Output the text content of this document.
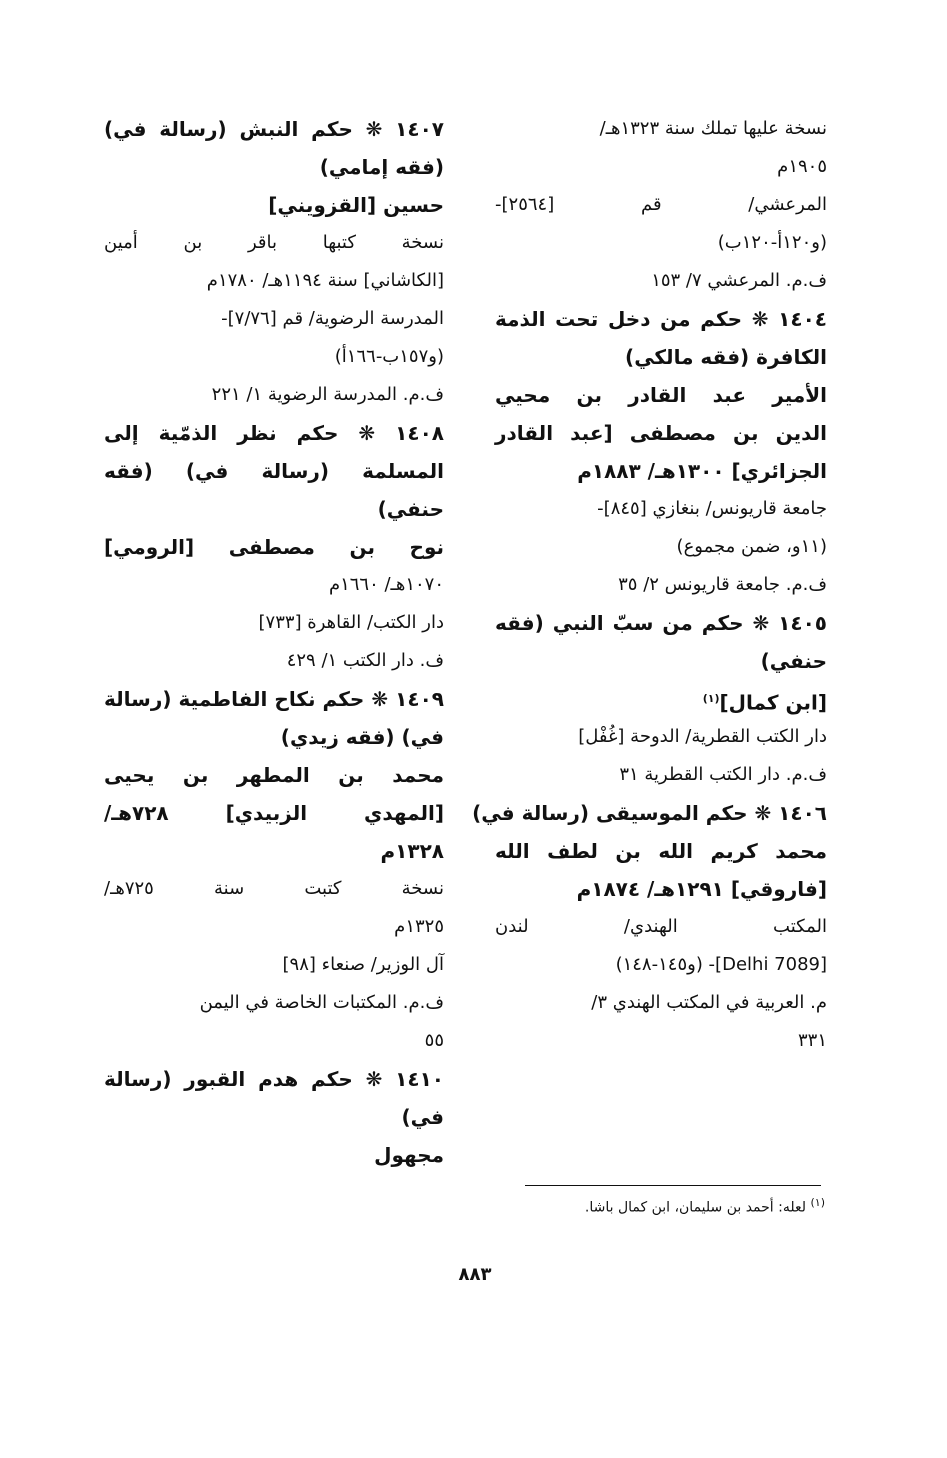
نسخة عليها تملك سنة ١٣٢٣هـ/
١٩٠٥م
المرعشي/ قم [٢٥٦٤]-
(و١٢٠أ-١٢٠ب)
ف.م. المرعشي ٧/ ١٥٣
١٤٠٤ ❋ حكم من دخل تحت الذمة
الكافرة (فقه مالكي)
الأمير عبد القادر بن محيي
الدين بن مصطفى [عبد القادر
الجزائري] ١٣٠٠هـ/ ١٨٨٣م
جامعة قاريونس/ بنغازي [٨٤٥]-
(١١و، ضمن مجموع)
ف.م. جامعة قاريونس ٢/ ٣٥
١٤٠٥ ❋ حكم من سبّ النبي (فقه
حنفي)
[ابن كمال]$^{(١)}$
دار الكتب القطرية/ الدوحة [غُفْل]
ف.م. دار الكتب القطرية ٣١
١٤٠٦ ❋ حكم الموسيقى (رسالة في)
محمد كريم الله بن لطف الله
[فاروقي] ١٢٩١هـ/ ١٨٧٤م
المكتب الهندي/ لندن
[Delhi 7089]- (و١٤٥-١٤٨)
م. العربية في المكتب الهندي ٣/
٣٣١
١٤٠٧ ❋ حكم النبش (رسالة في)
(فقه إمامي)
حسين [القزويني]
نسخة كتبها باقر بن أمين
[الكاشاني] سنة ١١٩٤هـ/ ١٧٨٠م
المدرسة الرضوية/ قم [٧/٧٦]-
(و١٥٧ب-١٦٦أ)
ف.م. المدرسة الرضوية ١/ ٢٢١
١٤٠٨ ❋ حكم نظر الذمّية إلى
المسلمة (رسالة في) (فقه
حنفي)
نوح بن مصطفى [الرومي]
١٠٧٠هـ/ ١٦٦٠م
دار الكتب/ القاهرة [٧٣٣]
ف. دار الكتب ١/ ٤٢٩
١٤٠٩ ❋ حكم نكاح الفاطمية (رسالة
في) (فقه زيدي)
محمد بن المطهر بن يحيى
[المهدي الزبيدي] ٧٢٨هـ/
١٣٢٨م
نسخة كتبت سنة ٧٢٥هـ/
١٣٢٥م
آل الوزير/ صنعاء [٩٨]
ف.م. المكتبات الخاصة في اليمن
٥٥
١٤١٠ ❋ حكم هدم القبور (رسالة
في)
مجهول
$^{(١)}$ لعله: أحمد بن سليمان، ابن كمال باشا.
٨٨٣
